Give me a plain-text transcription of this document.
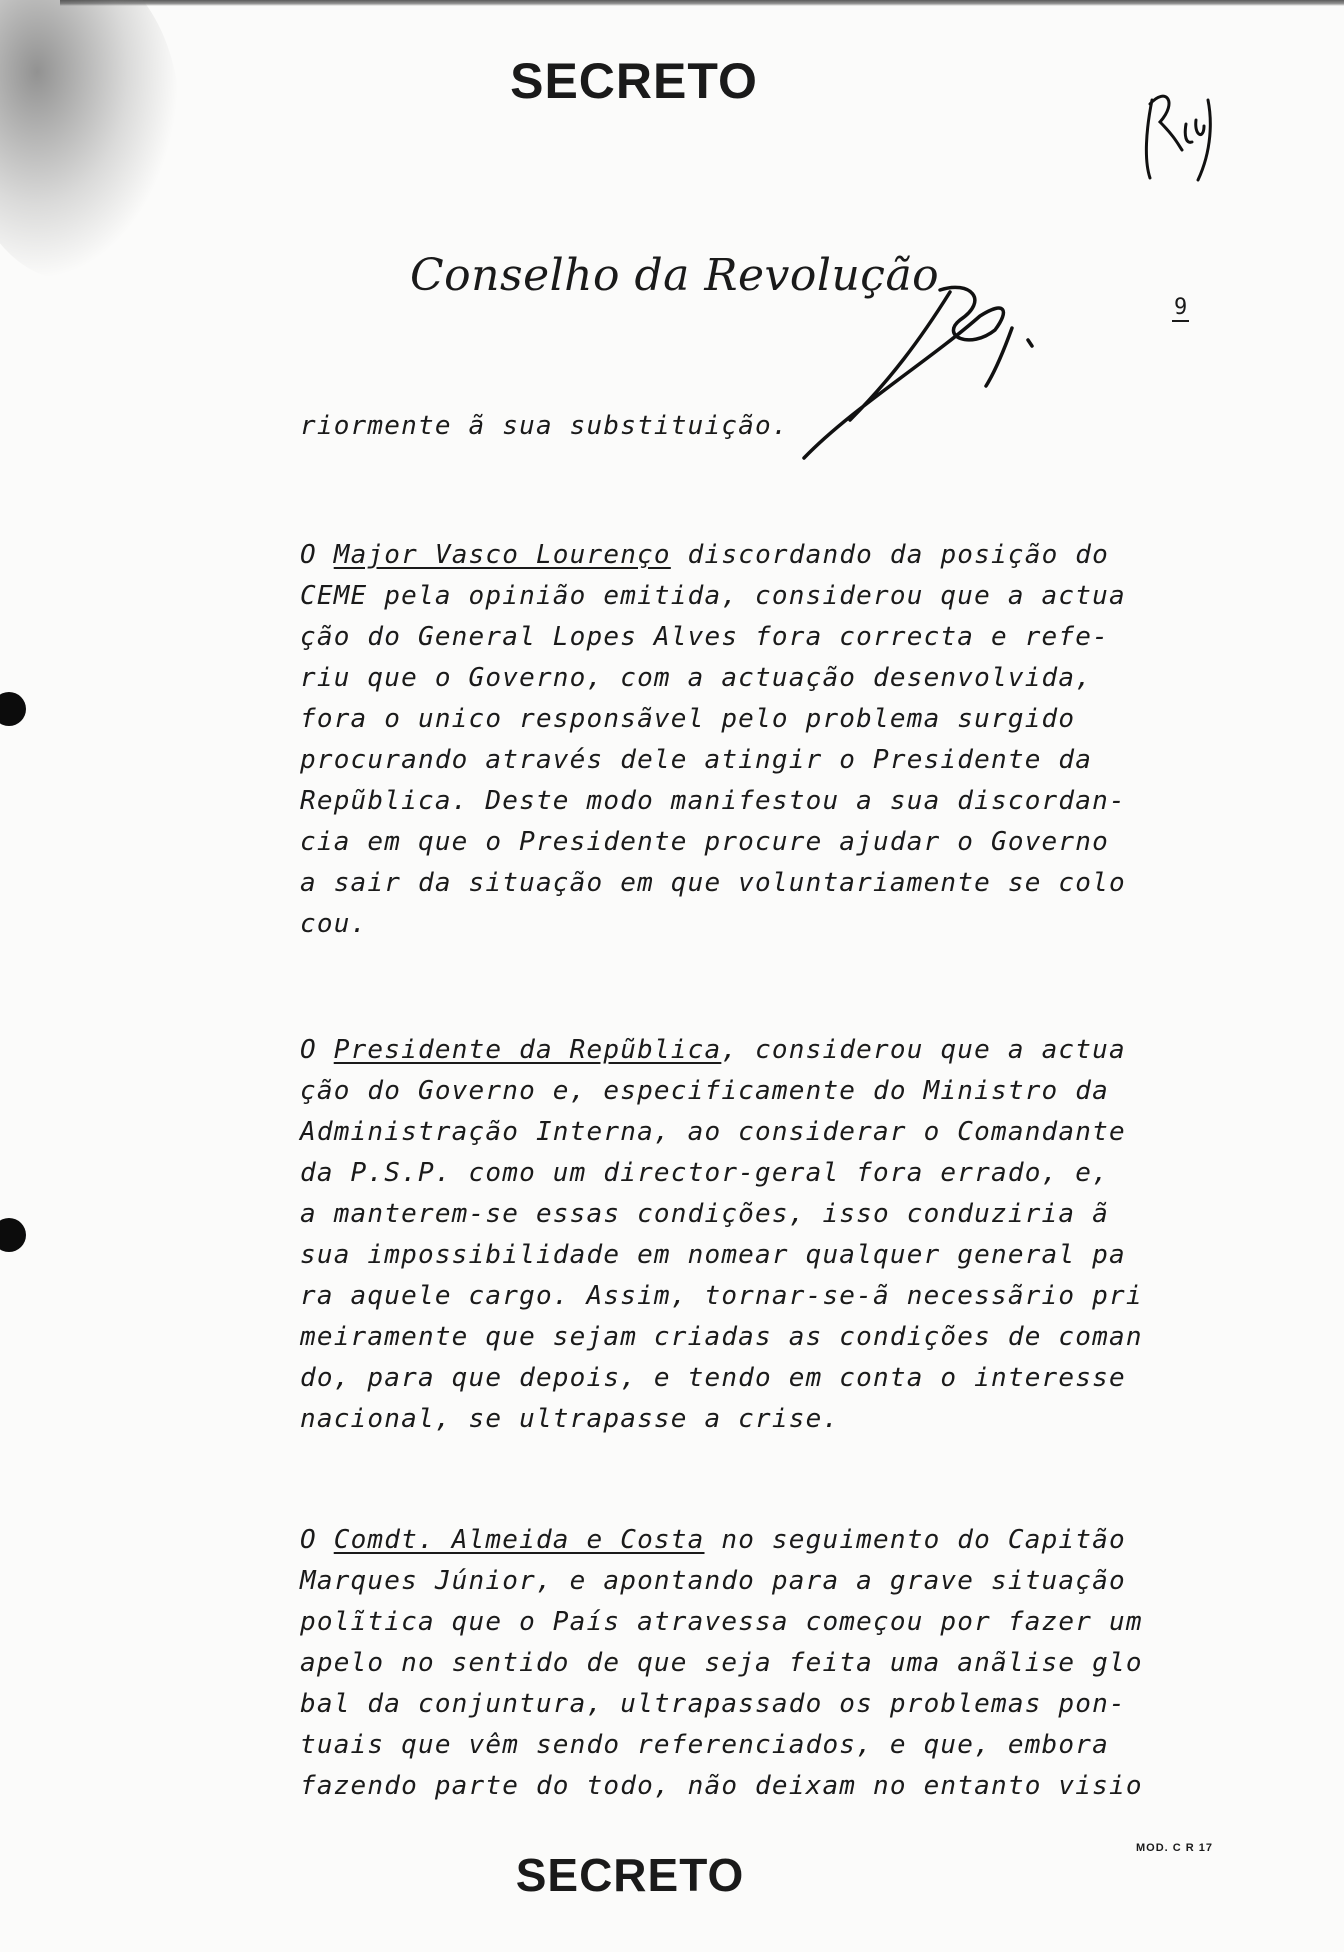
SECRETO
Conselho da Revolução
9
riormente ã sua substituição.
O Major Vasco Lourenço discordando da posição do
CEME pela opinião emitida, considerou que a actua
ção do General Lopes Alves fora correcta e refe-
riu que o Governo, com a actuação desenvolvida,
fora o unico responsãvel pelo problema surgido
procurando através dele atingir o Presidente da
Repũblica. Deste modo manifestou a sua discordan-
cia em que o Presidente procure ajudar o Governo
a sair da situação em que voluntariamente se colo
cou.
O Presidente da Repũblica, considerou que a actua
ção do Governo e, especificamente do Ministro da
Administração Interna, ao considerar o Comandante
da P.S.P. como um director-geral fora errado, e,
a manterem-se essas condições, isso conduziria ã
sua impossibilidade em nomear qualquer general pa
ra aquele cargo. Assim, tornar-se-ã necessãrio pri
meiramente que sejam criadas as condições de coman
do, para que depois, e tendo em conta o interesse
nacional, se ultrapasse a crise.
O Comdt. Almeida e Costa no seguimento do Capitão
Marques Júnior, e apontando para a grave situação
polĩtica que o País atravessa começou por fazer um
apelo no sentido de que seja feita uma anãlise glo
bal da conjuntura, ultrapassado os problemas pon-
tuais que vêm sendo referenciados, e que, embora
fazendo parte do todo, não deixam no entanto visio
MOD. C R 17
SECRETO
